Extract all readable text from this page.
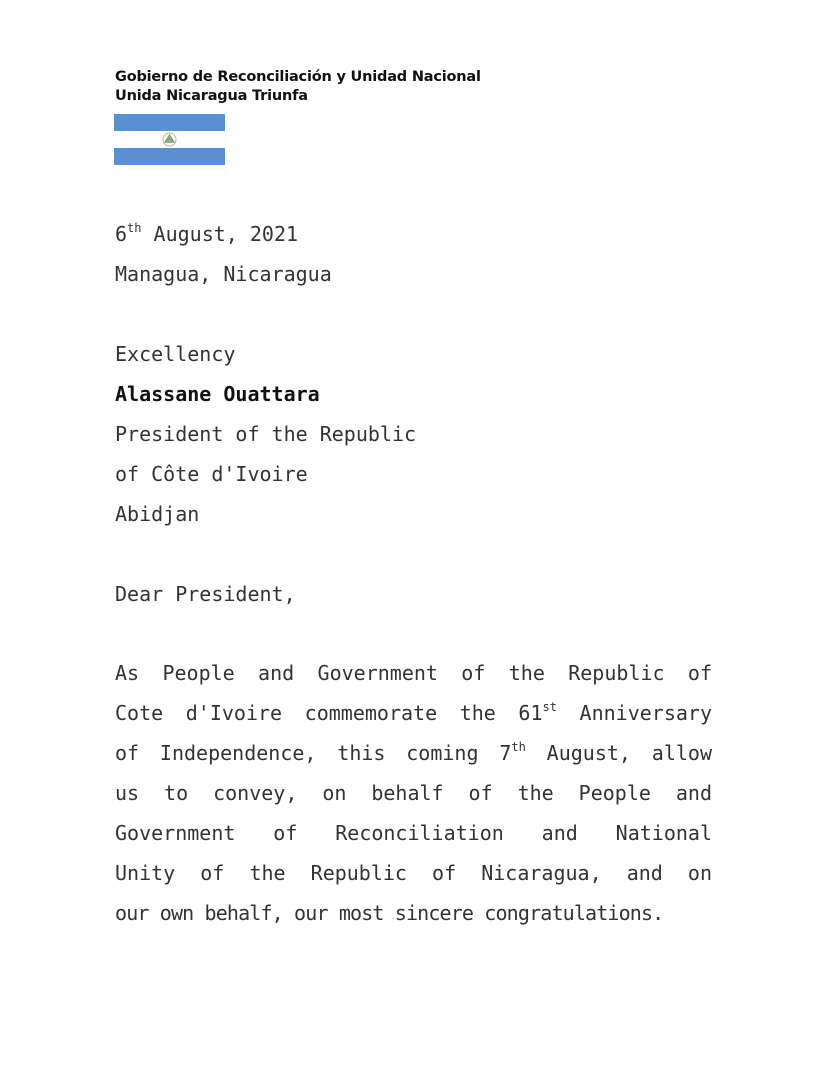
Gobierno de Reconciliación y Unidad Nacional
Unida Nicaragua Triunfa
6th August, 2021
Managua, Nicaragua
Excellency
Alassane Ouattara
President of the Republic
of Côte d'Ivoire
Abidjan
Dear President,
As People and Government of the Republic of
Cote d'Ivoire commemorate the 61st Anniversary
of Independence, this coming 7th August, allow
us to convey, on behalf of the People and
Government of Reconciliation and National
Unity of the Republic of Nicaragua, and on
our own behalf, our most sincere congratulations.
